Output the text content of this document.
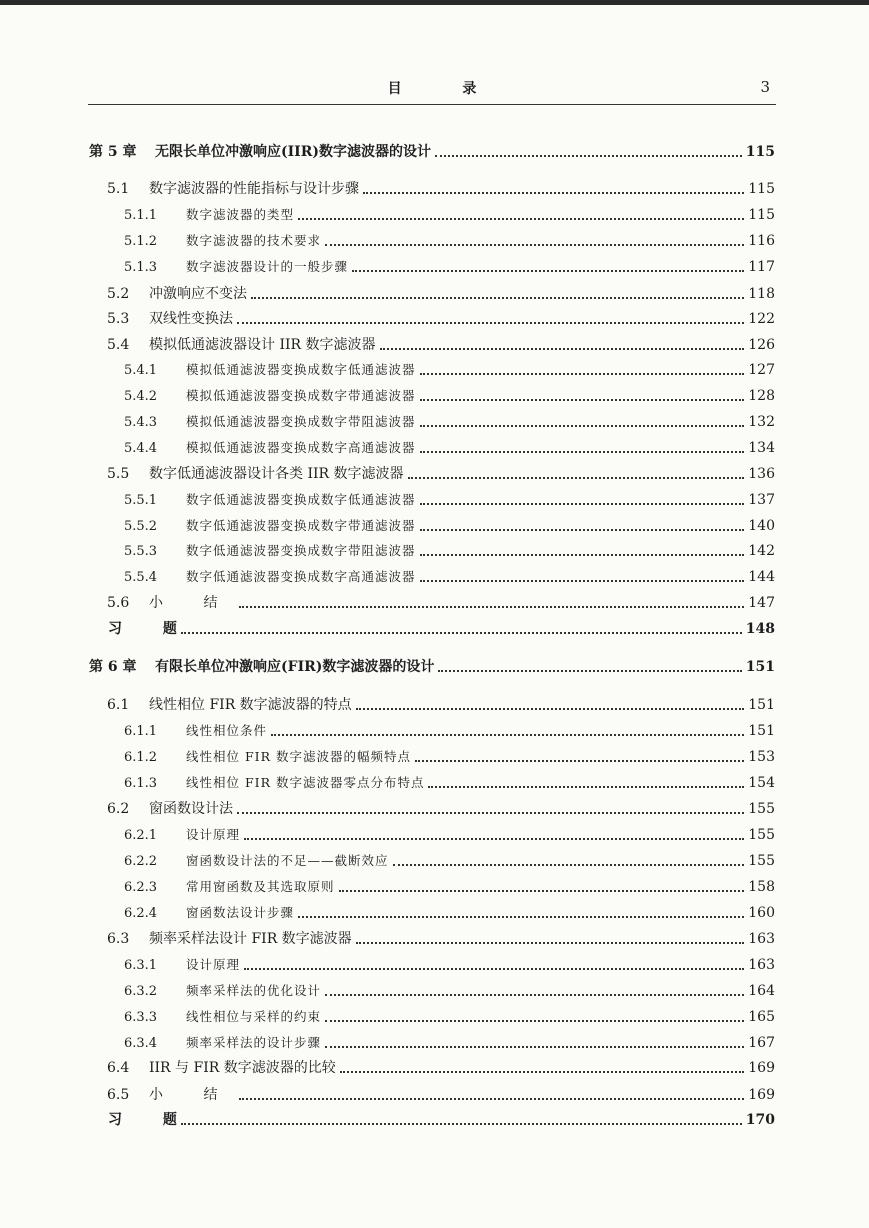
目 录	3
第 5 章	无限长单位冲激响应(IIR)数字滤波器的设计	115
5.1	数字滤波器的性能指标与设计步骤	115
5.1.1	数字滤波器的类型	115
5.1.2	数字滤波器的技术要求	116
5.1.3	数字滤波器设计的一般步骤	117
5.2	冲激响应不变法	118
5.3	双线性变换法	122
5.4	模拟低通滤波器设计 IIR 数字滤波器	126
5.4.1	模拟低通滤波器变换成数字低通滤波器	127
5.4.2	模拟低通滤波器变换成数字带通滤波器	128
5.4.3	模拟低通滤波器变换成数字带阻滤波器	132
5.4.4	模拟低通滤波器变换成数字高通滤波器	134
5.5	数字低通滤波器设计各类 IIR 数字滤波器	136
5.5.1	数字低通滤波器变换成数字低通滤波器	137
5.5.2	数字低通滤波器变换成数字带通滤波器	140
5.5.3	数字低通滤波器变换成数字带阻滤波器	142
5.5.4	数字低通滤波器变换成数字高通滤波器	144
5.6	小 结	147
习 题	148
第 6 章	有限长单位冲激响应(FIR)数字滤波器的设计	151
6.1	线性相位 FIR 数字滤波器的特点	151
6.1.1	线性相位条件	151
6.1.2	线性相位 FIR 数字滤波器的幅频特点	153
6.1.3	线性相位 FIR 数字滤波器零点分布特点	154
6.2	窗函数设计法	155
6.2.1	设计原理	155
6.2.2	窗函数设计法的不足——截断效应	155
6.2.3	常用窗函数及其选取原则	158
6.2.4	窗函数法设计步骤	160
6.3	频率采样法设计 FIR 数字滤波器	163
6.3.1	设计原理	163
6.3.2	频率采样法的优化设计	164
6.3.3	线性相位与采样的约束	165
6.3.4	频率采样法的设计步骤	167
6.4	IIR 与 FIR 数字滤波器的比较	169
6.5	小 结	169
习 题	170
